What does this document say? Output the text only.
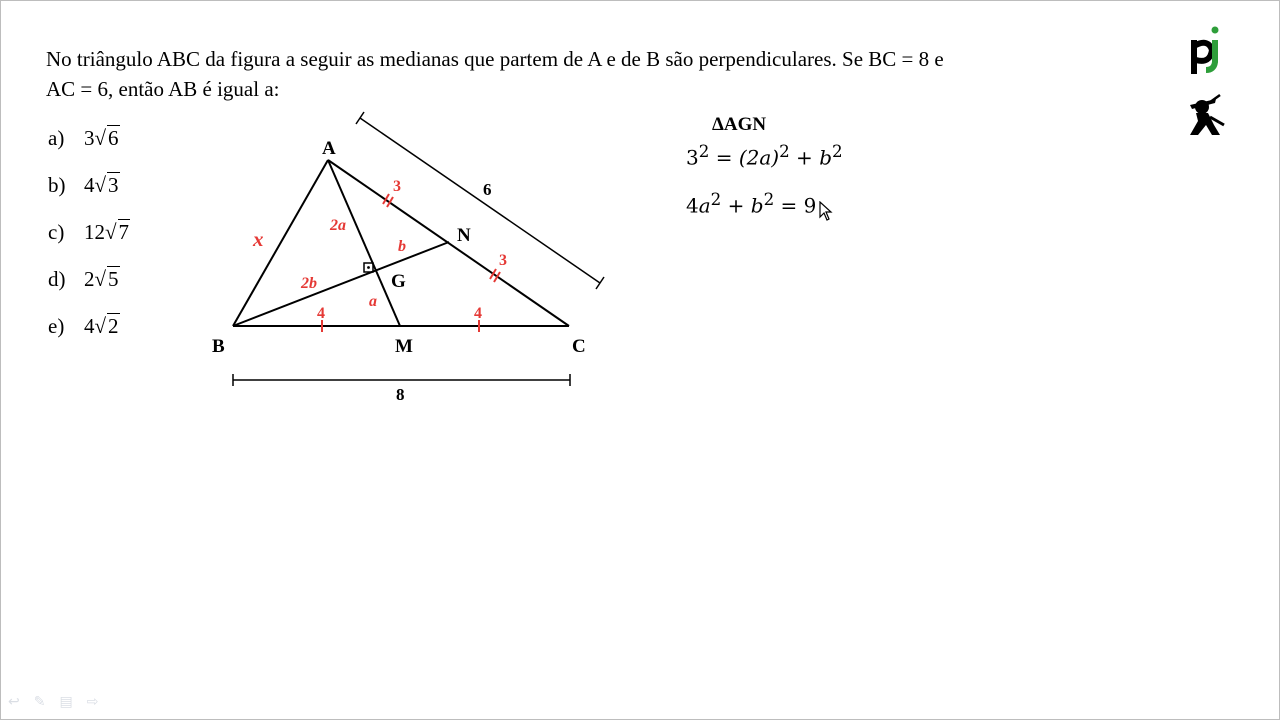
No triângulo ABC da figura a seguir as medianas que partem de A e de B são perpendiculares. Se BC = 8 e

AC = 6, então AB é igual a:

a) 3 √6
b) 4 √3
c) 12 √7
d) 2 √5
e) 4 √2
A
B	C
M
N
G
6
8
x
2a
a
2b
b
3
3
4	4
ΔAGN
$3^2 = (2a)^2 + b^2$
$4a^2 + b^2 = 9$
↩ ✎ ▤ ⇨
